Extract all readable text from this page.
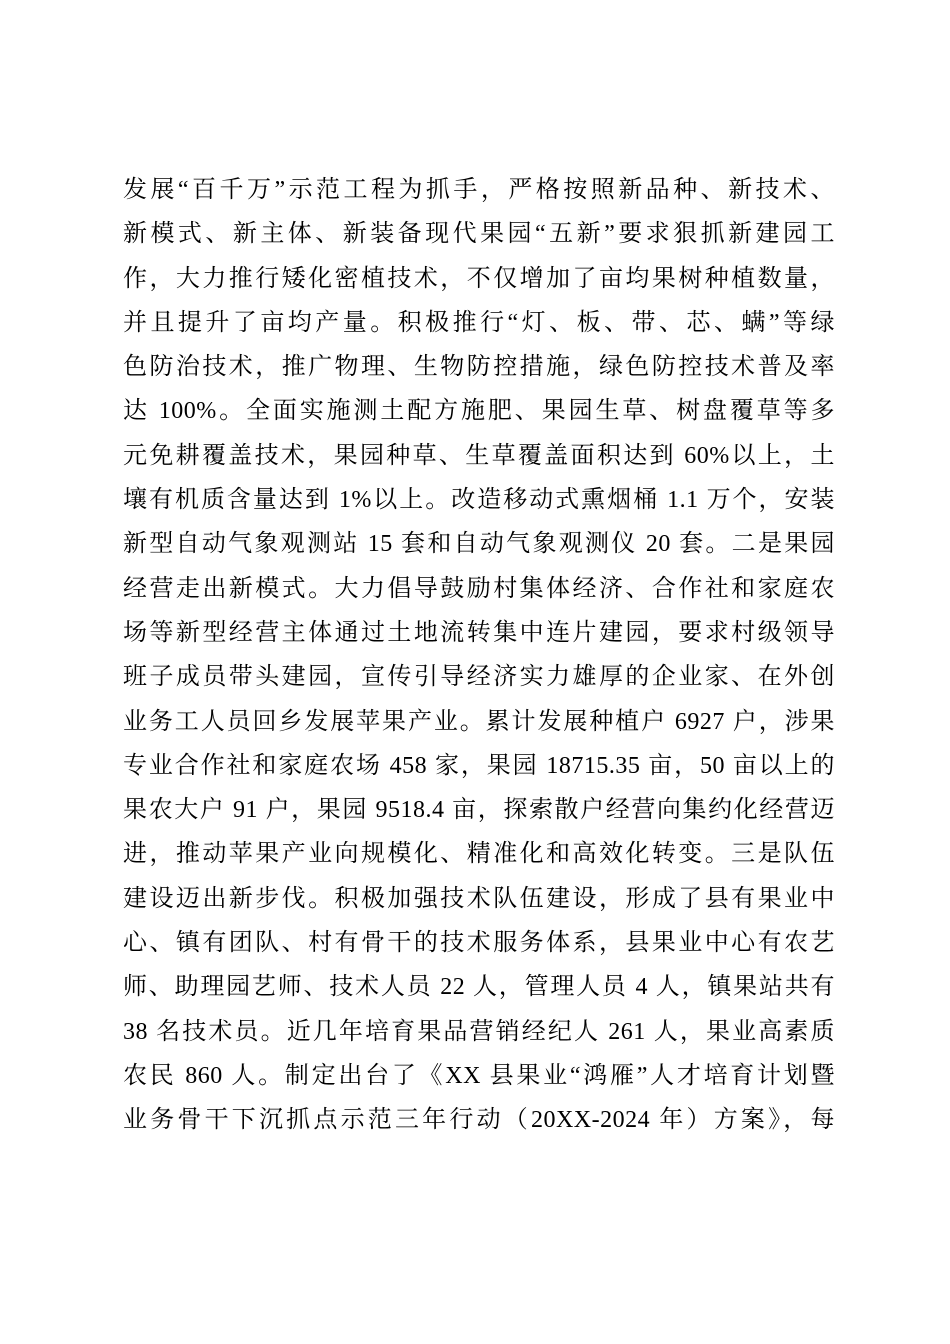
发展“百千万”示范工程为抓手，严格按照新品种、新技术、
新模式、新主体、新装备现代果园“五新”要求狠抓新建园工
作，大力推行矮化密植技术，不仅增加了亩均果树种植数量，
并且提升了亩均产量。积极推行“灯、板、带、芯、螨”等绿
色防治技术，推广物理、生物防控措施，绿色防控技术普及率
达 100%。全面实施测土配方施肥、果园生草、树盘覆草等多
元免耕覆盖技术，果园种草、生草覆盖面积达到 60%以上，土
壤有机质含量达到 1%以上。改造移动式熏烟桶 1.1 万个，安装
新型自动气象观测站 15 套和自动气象观测仪 20 套。二是果园
经营走出新模式。大力倡导鼓励村集体经济、合作社和家庭农
场等新型经营主体通过土地流转集中连片建园，要求村级领导
班子成员带头建园，宣传引导经济实力雄厚的企业家、在外创
业务工人员回乡发展苹果产业。累计发展种植户 6927 户，涉果
专业合作社和家庭农场 458 家，果园 18715.35 亩，50 亩以上的
果农大户 91 户，果园 9518.4 亩，探索散户经营向集约化经营迈
进，推动苹果产业向规模化、精准化和高效化转变。三是队伍
建设迈出新步伐。积极加强技术队伍建设，形成了县有果业中
心、镇有团队、村有骨干的技术服务体系，县果业中心有农艺
师、助理园艺师、技术人员 22 人，管理人员 4 人，镇果站共有
38 名技术员。近几年培育果品营销经纪人 261 人，果业高素质
农民 860 人。制定出台了《XX 县果业“鸿雁”人才培育计划暨
业务骨干下沉抓点示范三年行动（20XX-2024 年）方案》，每
